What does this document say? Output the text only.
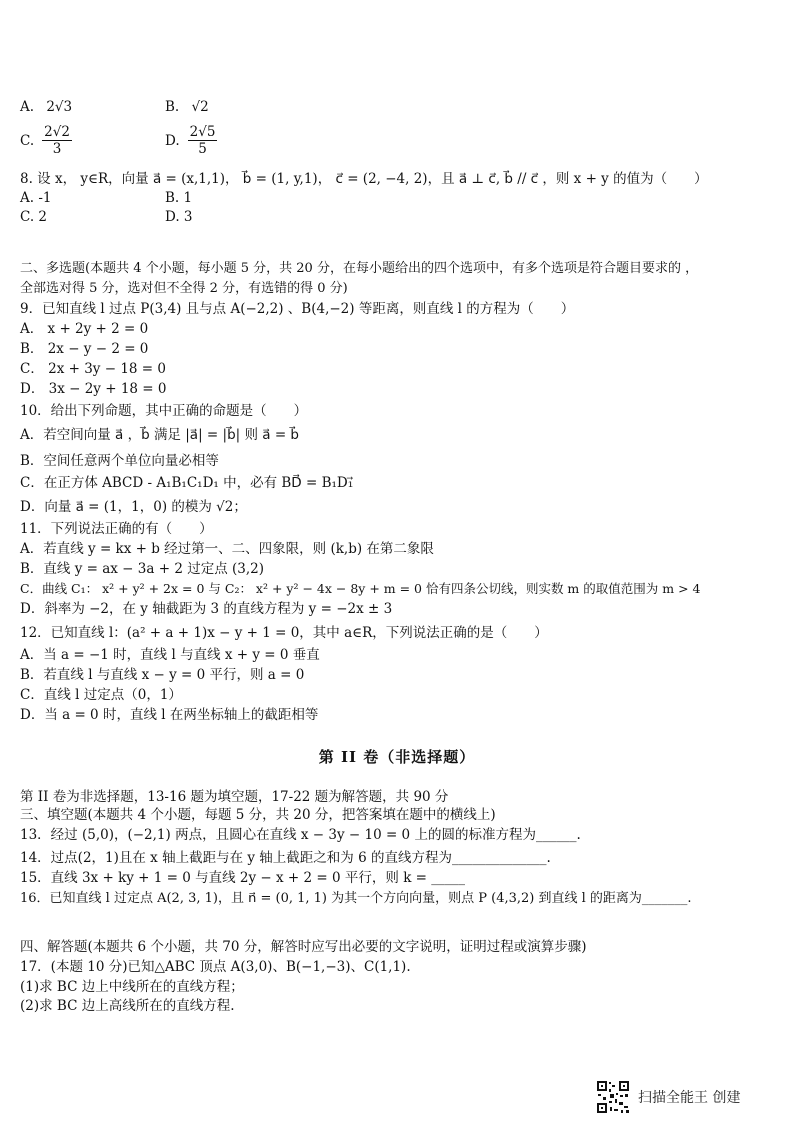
A. 2√3	B. √2
C. $\frac{2√2}{3}$	D. $\frac{2√5}{5}$
8. 设 x， y∈R，向量 a⃗ = (x,1,1)， b⃗ = (1, y,1)， c⃗ = (2, −4, 2)，且 a⃗ ⊥ c⃗, b⃗ // c⃗ ，则 x + y 的值为（　　）
A. -1	B. 1
C. 2	D. 3
二、多选题(本题共 4 个小题，每小题 5 分，共 20 分，在每小题给出的四个选项中，有多个选项是符合题目要求的 ，
全部选对得 5 分，选对但不全得 2 分，有选错的得 0 分)
9．已知直线 l 过点 P(3,4) 且与点 A(−2,2) 、B(4,−2) 等距离，则直线 l 的方程为（　　）
A． x + 2y + 2 = 0
B． 2x − y − 2 = 0
C． 2x + 3y − 18 = 0
D． 3x − 2y + 18 = 0
10．给出下列命题，其中正确的命题是（　　）
A．若空间向量 a⃗ ，b⃗ 满足 |a⃗| = |b⃗| 则 a⃗ = b⃗
B．空间任意两个单位向量必相等
C．在正方体 ABCD - A₁B₁C₁D₁ 中，必有 BD⃗ = B₁D₁⃗
D．向量 a⃗ = (1，1，0) 的模为 √2；
11．下列说法正确的有（　　）
A．若直线 y = kx + b 经过第一、二、四象限，则 (k,b) 在第二象限
B．直线 y = ax − 3a + 2 过定点 (3,2)
C．曲线 C₁： x² + y² + 2x = 0 与 C₂： x² + y² − 4x − 8y + m = 0 恰有四条公切线，则实数 m 的取值范围为 m > 4
D．斜率为 −2，在 y 轴截距为 3 的直线方程为 y = −2x ± 3
12．已知直线 l：(a² + a + 1)x − y + 1 = 0，其中 a∈R，下列说法正确的是（　　）
A．当 a = −1 时，直线 l 与直线 x + y = 0 垂直
B．若直线 l 与直线 x − y = 0 平行，则 a = 0
C．直线 l 过定点（0，1）
D．当 a = 0 时，直线 l 在两坐标轴上的截距相等
第 II 卷（非选择题）
第 II 卷为非选择题，13-16 题为填空题，17-22 题为解答题，共 90 分
三、填空题(本题共 4 个小题，每题 5 分，共 20 分，把答案填在题中的横线上)
13．经过 (5,0)，(−2,1) 两点，且圆心在直线 x − 3y − 10 = 0 上的圆的标准方程为______.
14．过点(2，1)且在 x 轴上截距与在 y 轴上截距之和为 6 的直线方程为______________.
15．直线 3x + ky + 1 = 0 与直线 2y − x + 2 = 0 平行，则 k = _____
16．已知直线 l 过定点 A(2, 3, 1)，且 n⃗ = (0, 1, 1) 为其一个方向向量，则点 P (4,3,2) 到直线 l 的距离为_______.
四、解答题(本题共 6 个小题，共 70 分，解答时应写出必要的文字说明，证明过程或演算步骤)
17．(本题 10 分)已知△ABC 顶点 A(3,0)、B(−1,−3)、C(1,1).
(1)求 BC 边上中线所在的直线方程；
(2)求 BC 边上高线所在的直线方程.
扫描全能王 创建
